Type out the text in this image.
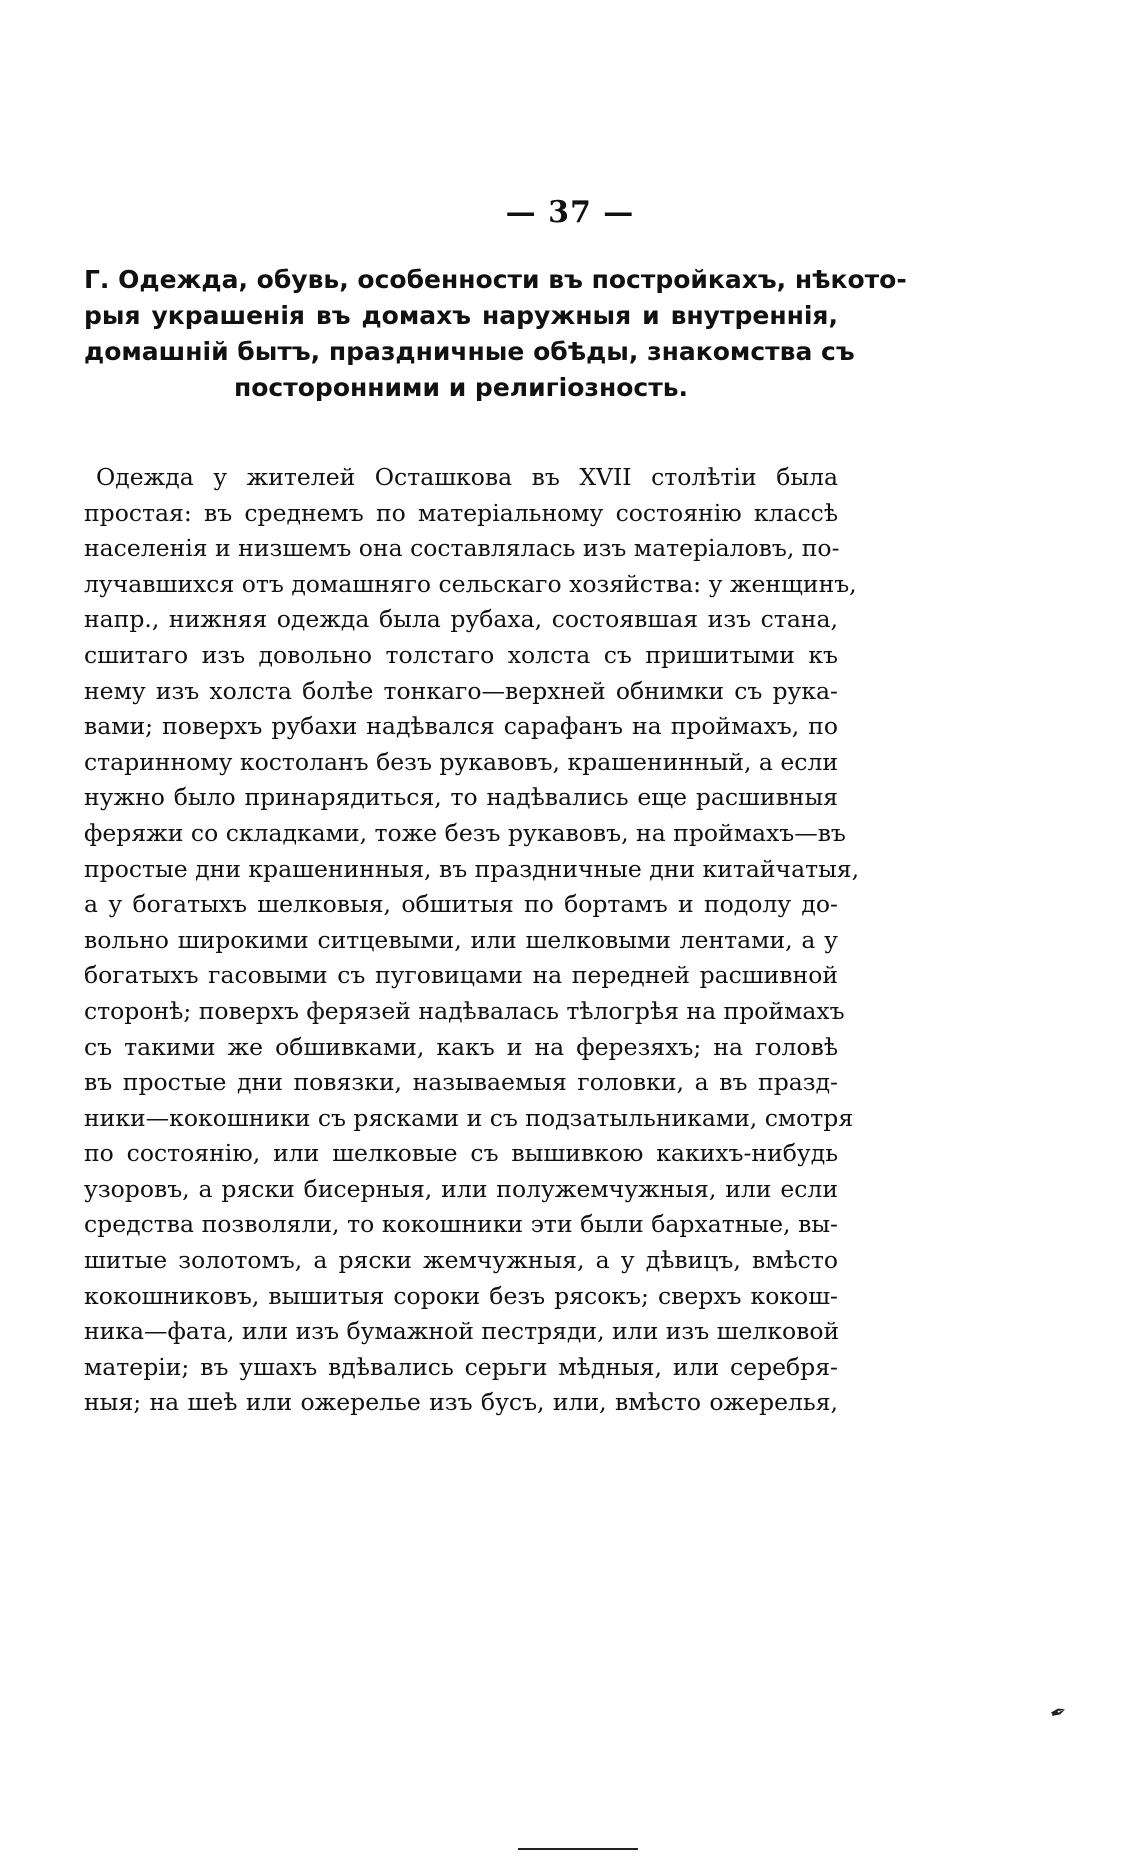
— 37 —
Г. Одежда, обувь, особенности въ постройкахъ, нѣкото-
рыя украшенія въ домахъ наружныя и внутреннія,
домашній бытъ, праздничные обѣды, знакомства съ
посторонними и религіозность.
Одежда у жителей Осташкова въ XVII столѣтіи была
простая: въ среднемъ по матеріальному состоянію классѣ
населенія и низшемъ она составлялась изъ матеріаловъ, по-
лучавшихся отъ домашняго сельскаго хозяйства: у женщинъ,
напр., нижняя одежда была рубаха, состоявшая изъ стана,
сшитаго изъ довольно толстаго холста съ пришитыми къ
нему изъ холста болѣе тонкаго—верхней обнимки съ рука-
вами; поверхъ рубахи надѣвался сарафанъ на проймахъ, по
старинному костоланъ безъ рукавовъ, крашенинный, а если
нужно было принарядиться, то надѣвались еще расшивныя
феряжи со складками, тоже безъ рукавовъ, на проймахъ—въ
простые дни крашенинныя, въ праздничные дни китайчатыя,
а у богатыхъ шелковыя, обшитыя по бортамъ и подолу до-
вольно широкими ситцевыми, или шелковыми лентами, а у
богатыхъ гасовыми съ пуговицами на передней расшивной
сторонѣ; поверхъ ферязей надѣвалась тѣлогрѣя на проймахъ
съ такими же обшивками, какъ и на ферезяхъ; на головѣ
въ простые дни повязки, называемыя головки, а въ празд-
ники—кокошники съ рясками и съ подзатыльниками, смотря
по состоянію, или шелковые съ вышивкою какихъ-нибудь
узоровъ, а ряски бисерныя, или полужемчужныя, или если
средства позволяли, то кокошники эти были бархатные, вы-
шитые золотомъ, а ряски жемчужныя, а у дѣвицъ, вмѣсто
кокошниковъ, вышитыя сороки безъ рясокъ; сверхъ кокош-
ника—фата, или изъ бумажной пестряди, или изъ шелковой
матеріи; въ ушахъ вдѣвались серьги мѣдныя, или серебря-
ныя; на шеѣ или ожерелье изъ бусъ, или, вмѣсто ожерелья,
✒
